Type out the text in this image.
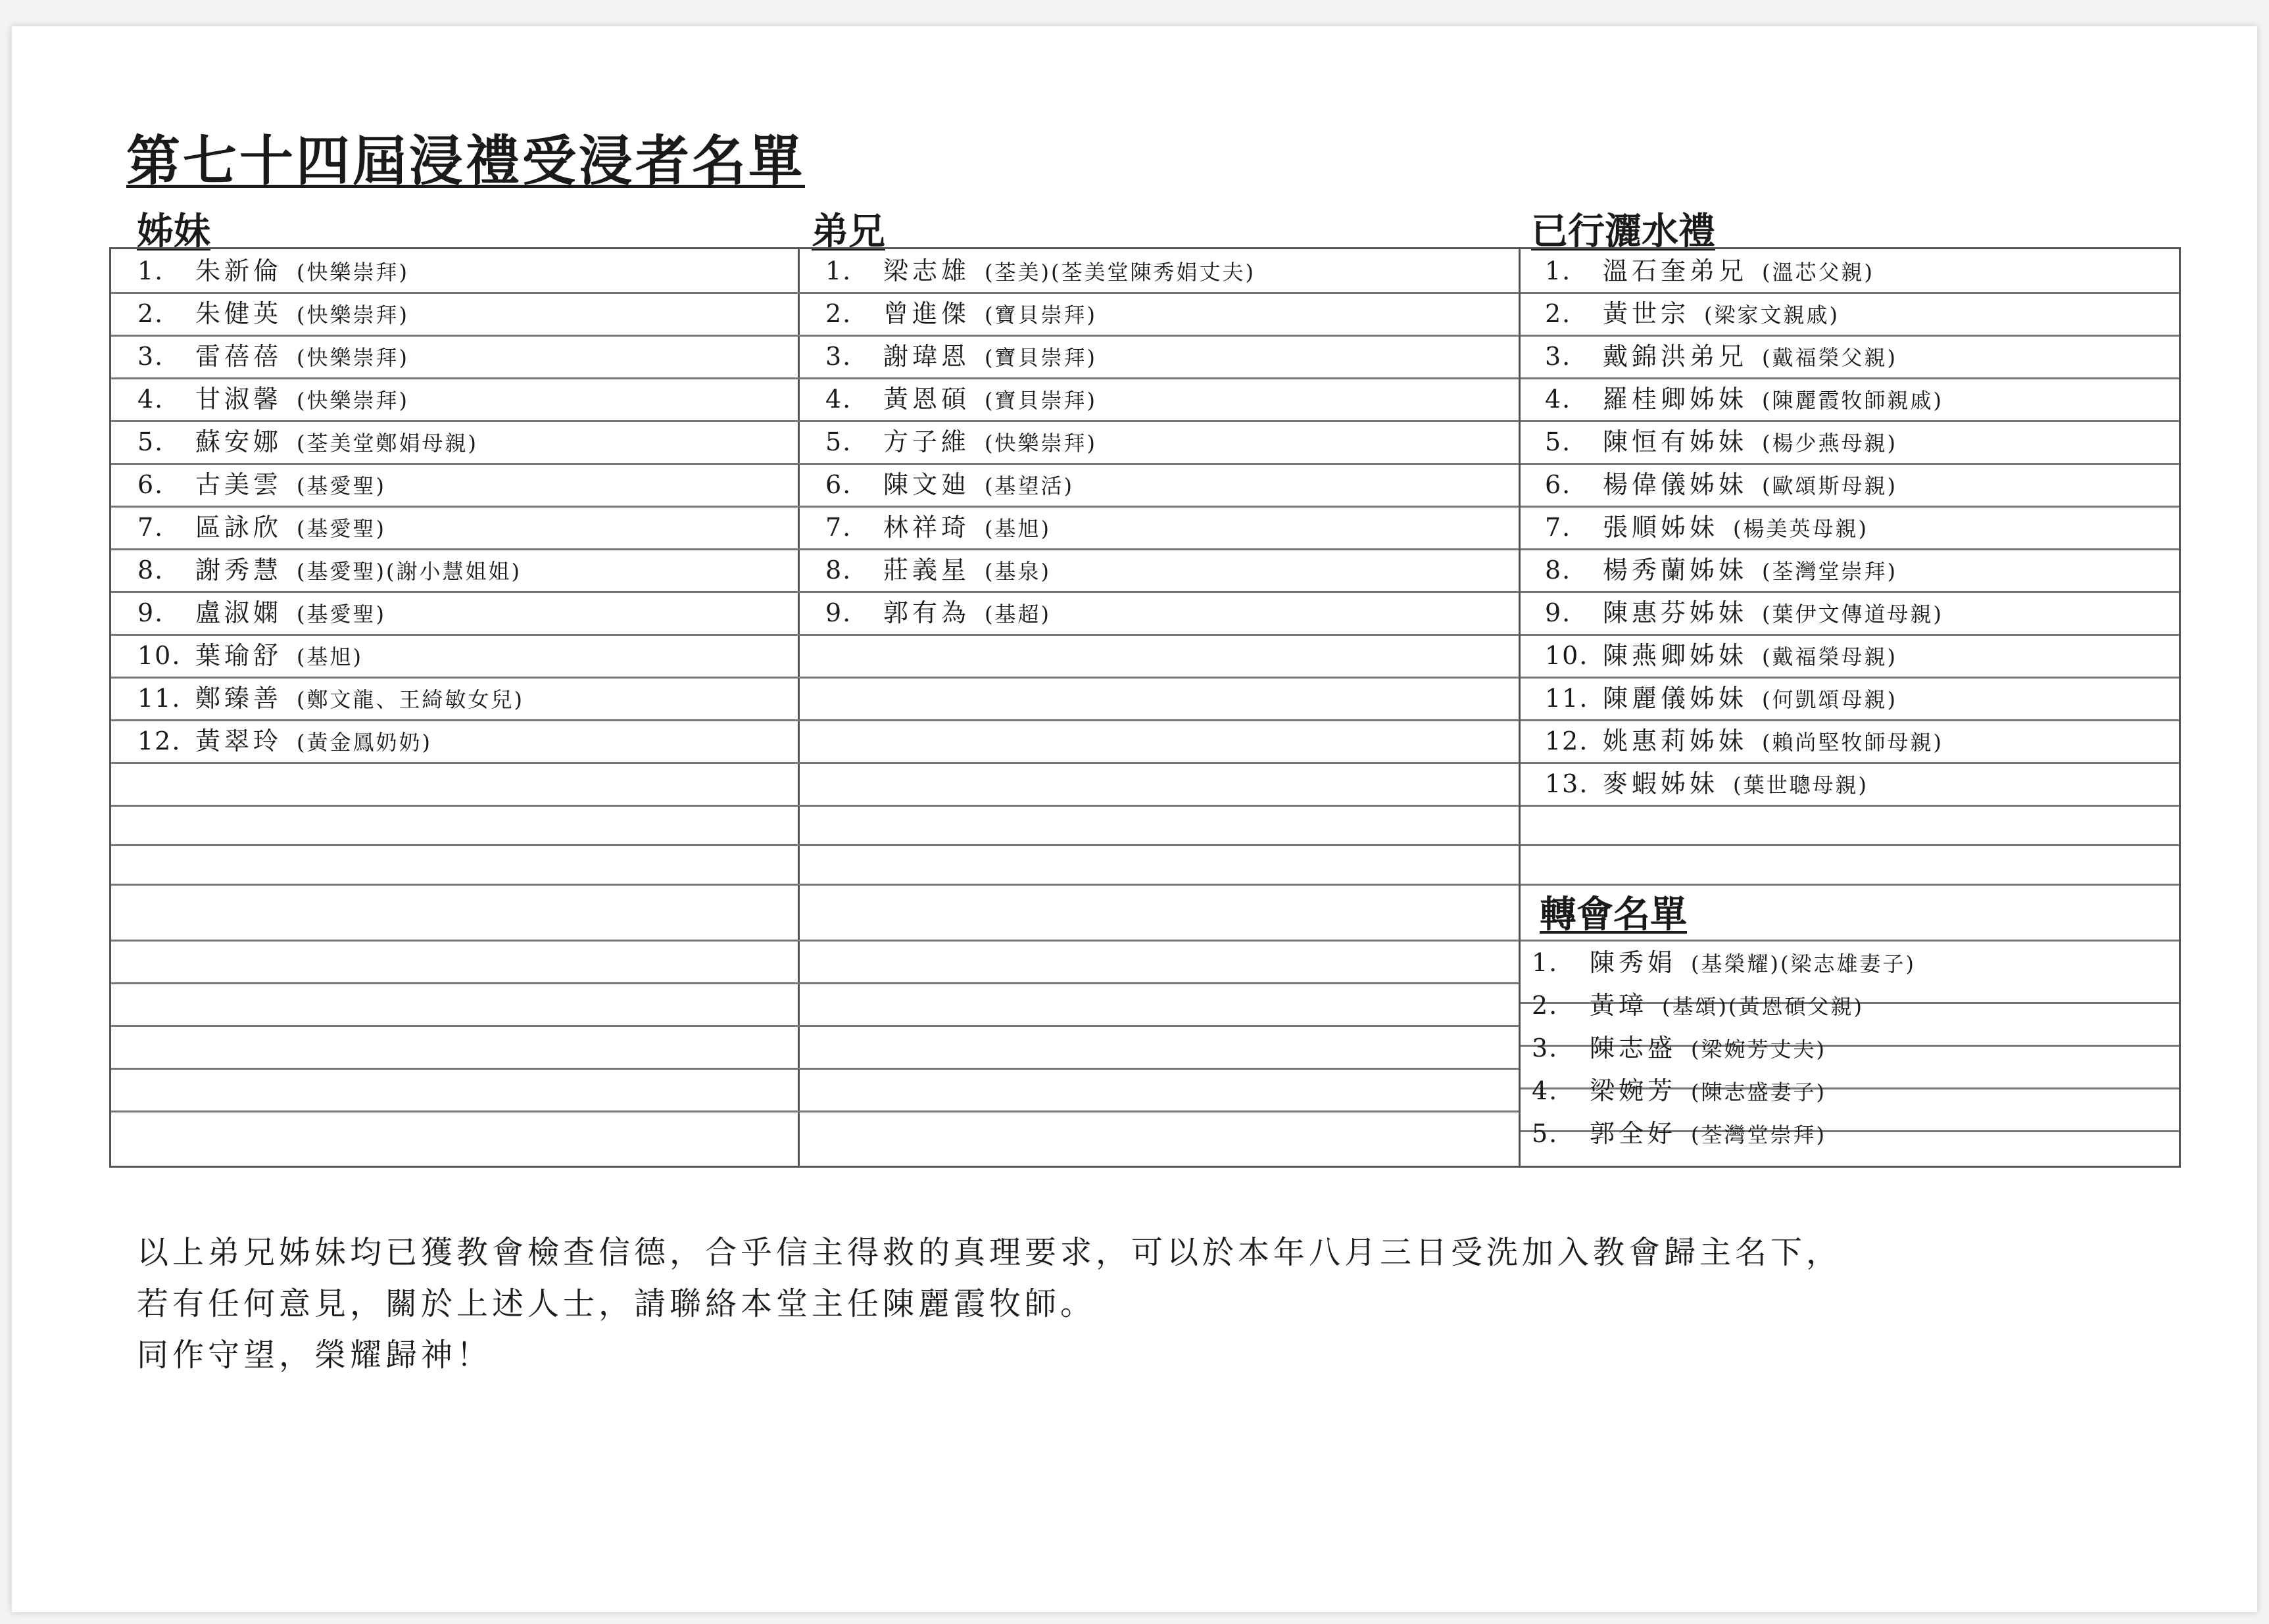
第七十四屆浸禮受浸者名單
姊妹	弟兄	已行灑水禮
1. 朱新倫 (快樂崇拜)
2. 朱健英 (快樂崇拜)
3. 雷蓓蓓 (快樂崇拜)
4. 甘淑馨 (快樂崇拜)
5. 蘇安娜 (荃美堂鄭娟母親)
6. 古美雲 (基愛聖)
7. 區詠欣 (基愛聖)
8. 謝秀慧 (基愛聖)(謝小慧姐姐)
9. 盧淑嫻 (基愛聖)
10. 葉瑜舒 (基旭)
11. 鄭臻善 (鄭文龍、王綺敏女兒)
12. 黃翠玲 (黃金鳳奶奶)
1. 梁志雄 (荃美)(荃美堂陳秀娟丈夫)
2. 曾進傑 (寶貝崇拜)
3. 謝瑋恩 (寶貝崇拜)
4. 黃恩碩 (寶貝崇拜)
5. 方子維 (快樂崇拜)
6. 陳文廸 (基望活)
7. 林祥琦 (基旭)
8. 莊義星 (基泉)
9. 郭有為 (基超)
1. 溫石奎弟兄 (溫芯父親)
2. 黃世宗 (梁家文親戚)
3. 戴錦洪弟兄 (戴福榮父親)
4. 羅桂卿姊妹 (陳麗霞牧師親戚)
5. 陳恒有姊妹 (楊少燕母親)
6. 楊偉儀姊妹 (歐頌斯母親)
7. 張順姊妹 (楊美英母親)
8. 楊秀蘭姊妹 (荃灣堂崇拜)
9. 陳惠芬姊妹 (葉伊文傳道母親)
10. 陳燕卿姊妹 (戴福榮母親)
11. 陳麗儀姊妹 (何凱頌母親)
12. 姚惠莉姊妹 (賴尚堅牧師母親)
13. 麥蝦姊妹 (葉世聰母親)
轉會名單
1. 陳秀娟 (基榮耀)(梁志雄妻子)
2. 黃璋 (基頌)(黃恩碩父親)
3. 陳志盛 (梁婉芳丈夫)
4. 梁婉芳 (陳志盛妻子)
5. 郭全好 (荃灣堂崇拜)
以上弟兄姊妹均已獲教會檢查信德，合乎信主得救的真理要求，可以於本年八月三日受洗加入教會歸主名下，
若有任何意見，關於上述人士，請聯絡本堂主任陳麗霞牧師。
同作守望，榮耀歸神！
